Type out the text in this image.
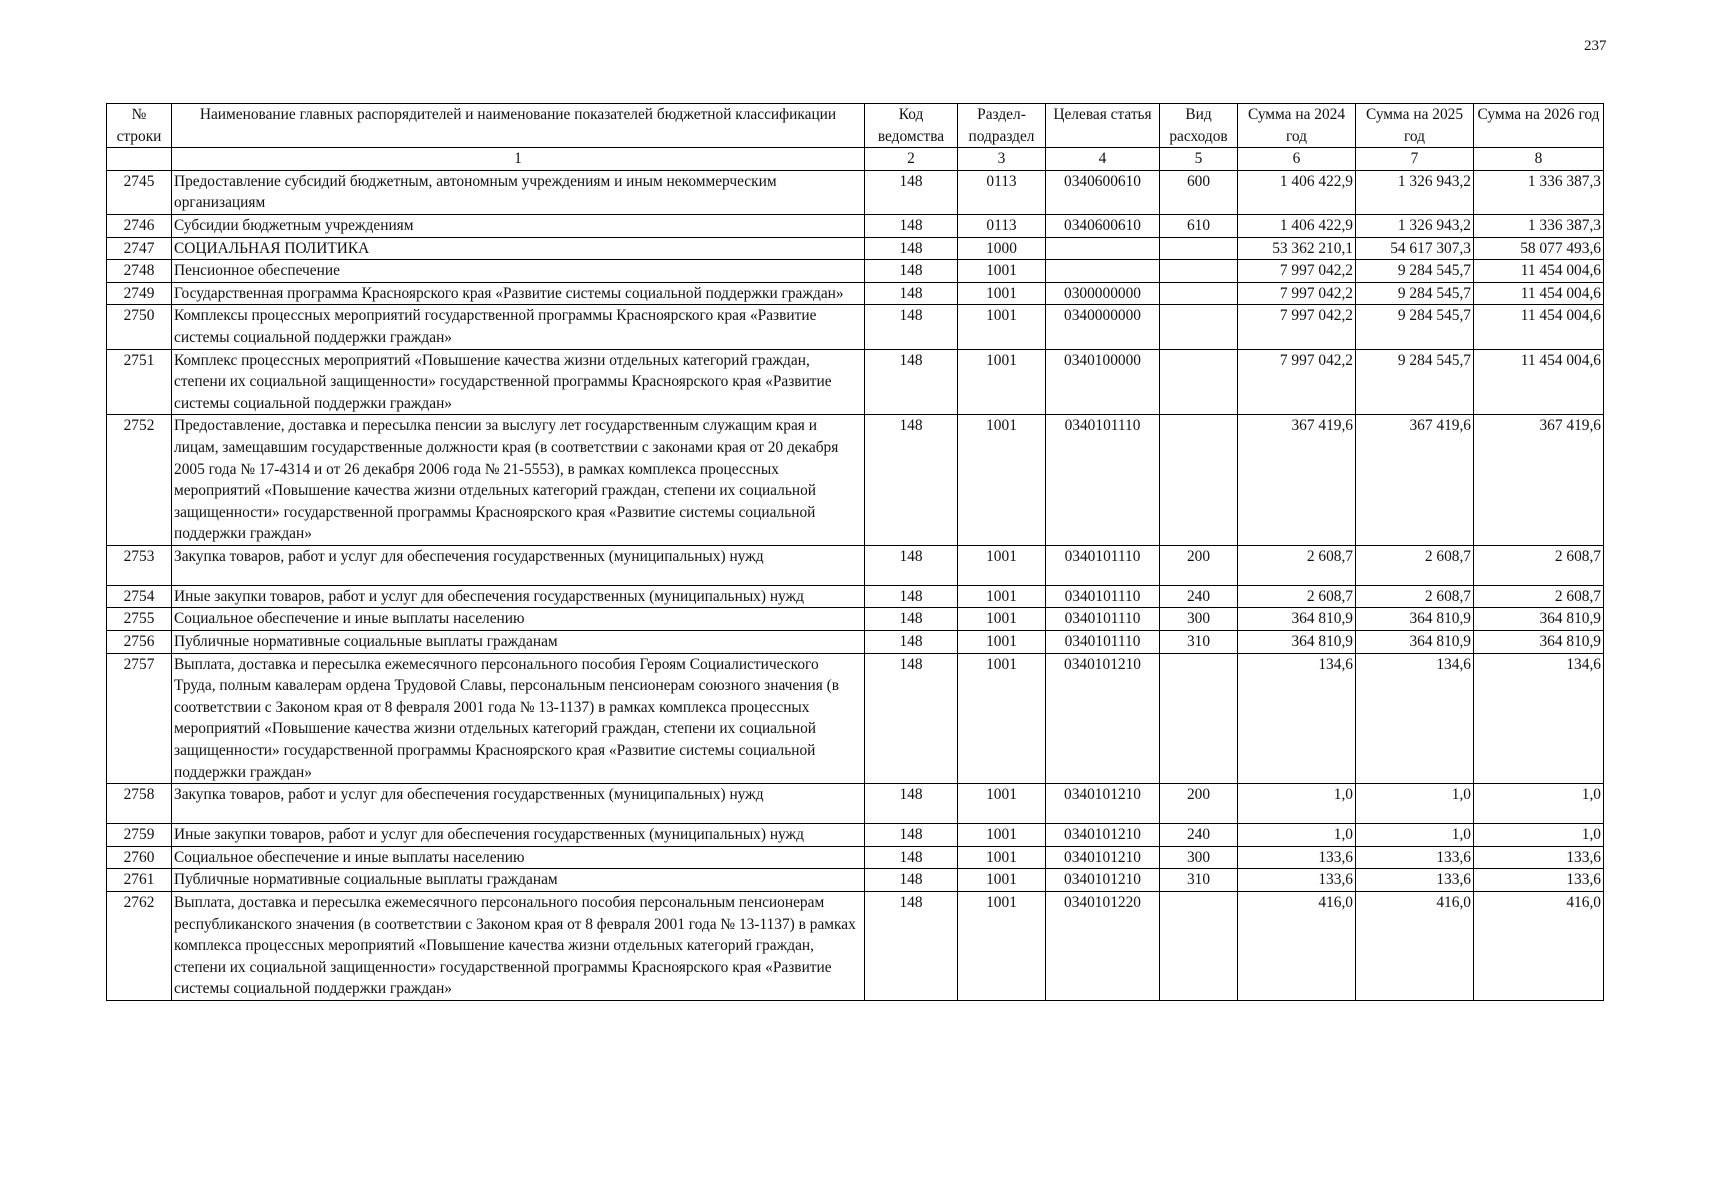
237
№ строки	Наименование главных распорядителей и наименование показателей бюджетной классификации	Код ведомства	Раздел-подраздел	Целевая статья	Вид расходов	Сумма на 2024 год	Сумма на 2025 год	Сумма на 2026 год
	1	2	3	4	5	6	7	8
2745	Предоставление субсидий бюджетным, автономным учреждениям и иным некоммерческим организациям	148	0113	0340600610	600	1 406 422,9	1 326 943,2	1 336 387,3
2746	Субсидии бюджетным учреждениям	148	0113	0340600610	610	1 406 422,9	1 326 943,2	1 336 387,3
2747	СОЦИАЛЬНАЯ ПОЛИТИКА	148	1000			53 362 210,1	54 617 307,3	58 077 493,6
2748	Пенсионное обеспечение	148	1001			7 997 042,2	9 284 545,7	11 454 004,6
2749	Государственная программа Красноярского края «Развитие системы социальной поддержки граждан»	148	1001	0300000000		7 997 042,2	9 284 545,7	11 454 004,6
2750	Комплексы процессных мероприятий государственной программы Красноярского края «Развитие системы социальной поддержки граждан»	148	1001	0340000000		7 997 042,2	9 284 545,7	11 454 004,6
2751	Комплекс процессных мероприятий «Повышение качества жизни отдельных категорий граждан, степени их социальной защищенности» государственной программы Красноярского края «Развитие системы социальной поддержки граждан»	148	1001	0340100000		7 997 042,2	9 284 545,7	11 454 004,6
2752	Предоставление, доставка и пересылка пенсии за выслугу лет государственным служащим края и лицам, замещавшим государственные должности края (в соответствии с законами края от 20 декабря 2005 года № 17-4314 и от 26 декабря 2006 года № 21-5553), в рамках комплекса процессных мероприятий «Повышение качества жизни отдельных категорий граждан, степени их социальной защищенности» государственной программы Красноярского края «Развитие системы социальной поддержки граждан»	148	1001	0340101110		367 419,6	367 419,6	367 419,6
2753	Закупка товаров, работ и услуг для обеспечения государственных (муниципальных) нужд	148	1001	0340101110	200	2 608,7	2 608,7	2 608,7
2754	Иные закупки товаров, работ и услуг для обеспечения государственных (муниципальных) нужд	148	1001	0340101110	240	2 608,7	2 608,7	2 608,7
2755	Социальное обеспечение и иные выплаты населению	148	1001	0340101110	300	364 810,9	364 810,9	364 810,9
2756	Публичные нормативные социальные выплаты гражданам	148	1001	0340101110	310	364 810,9	364 810,9	364 810,9
2757	Выплата, доставка и пересылка ежемесячного персонального пособия Героям Социалистического Труда, полным кавалерам ордена Трудовой Славы, персональным пенсионерам союзного значения (в соответствии с Законом края от 8 февраля 2001 года № 13-1137) в рамках комплекса процессных мероприятий «Повышение качества жизни отдельных категорий граждан, степени их социальной защищенности» государственной программы Красноярского края «Развитие системы социальной поддержки граждан»	148	1001	0340101210		134,6	134,6	134,6
2758	Закупка товаров, работ и услуг для обеспечения государственных (муниципальных) нужд	148	1001	0340101210	200	1,0	1,0	1,0
2759	Иные закупки товаров, работ и услуг для обеспечения государственных (муниципальных) нужд	148	1001	0340101210	240	1,0	1,0	1,0
2760	Социальное обеспечение и иные выплаты населению	148	1001	0340101210	300	133,6	133,6	133,6
2761	Публичные нормативные социальные выплаты гражданам	148	1001	0340101210	310	133,6	133,6	133,6
2762	Выплата, доставка и пересылка ежемесячного персонального пособия персональным пенсионерам республиканского значения (в соответствии с Законом края от 8 февраля 2001 года № 13-1137) в рамках комплекса процессных мероприятий «Повышение качества жизни отдельных категорий граждан, степени их социальной защищенности» государственной программы Красноярского края «Развитие системы социальной поддержки граждан»	148	1001	0340101220		416,0	416,0	416,0
